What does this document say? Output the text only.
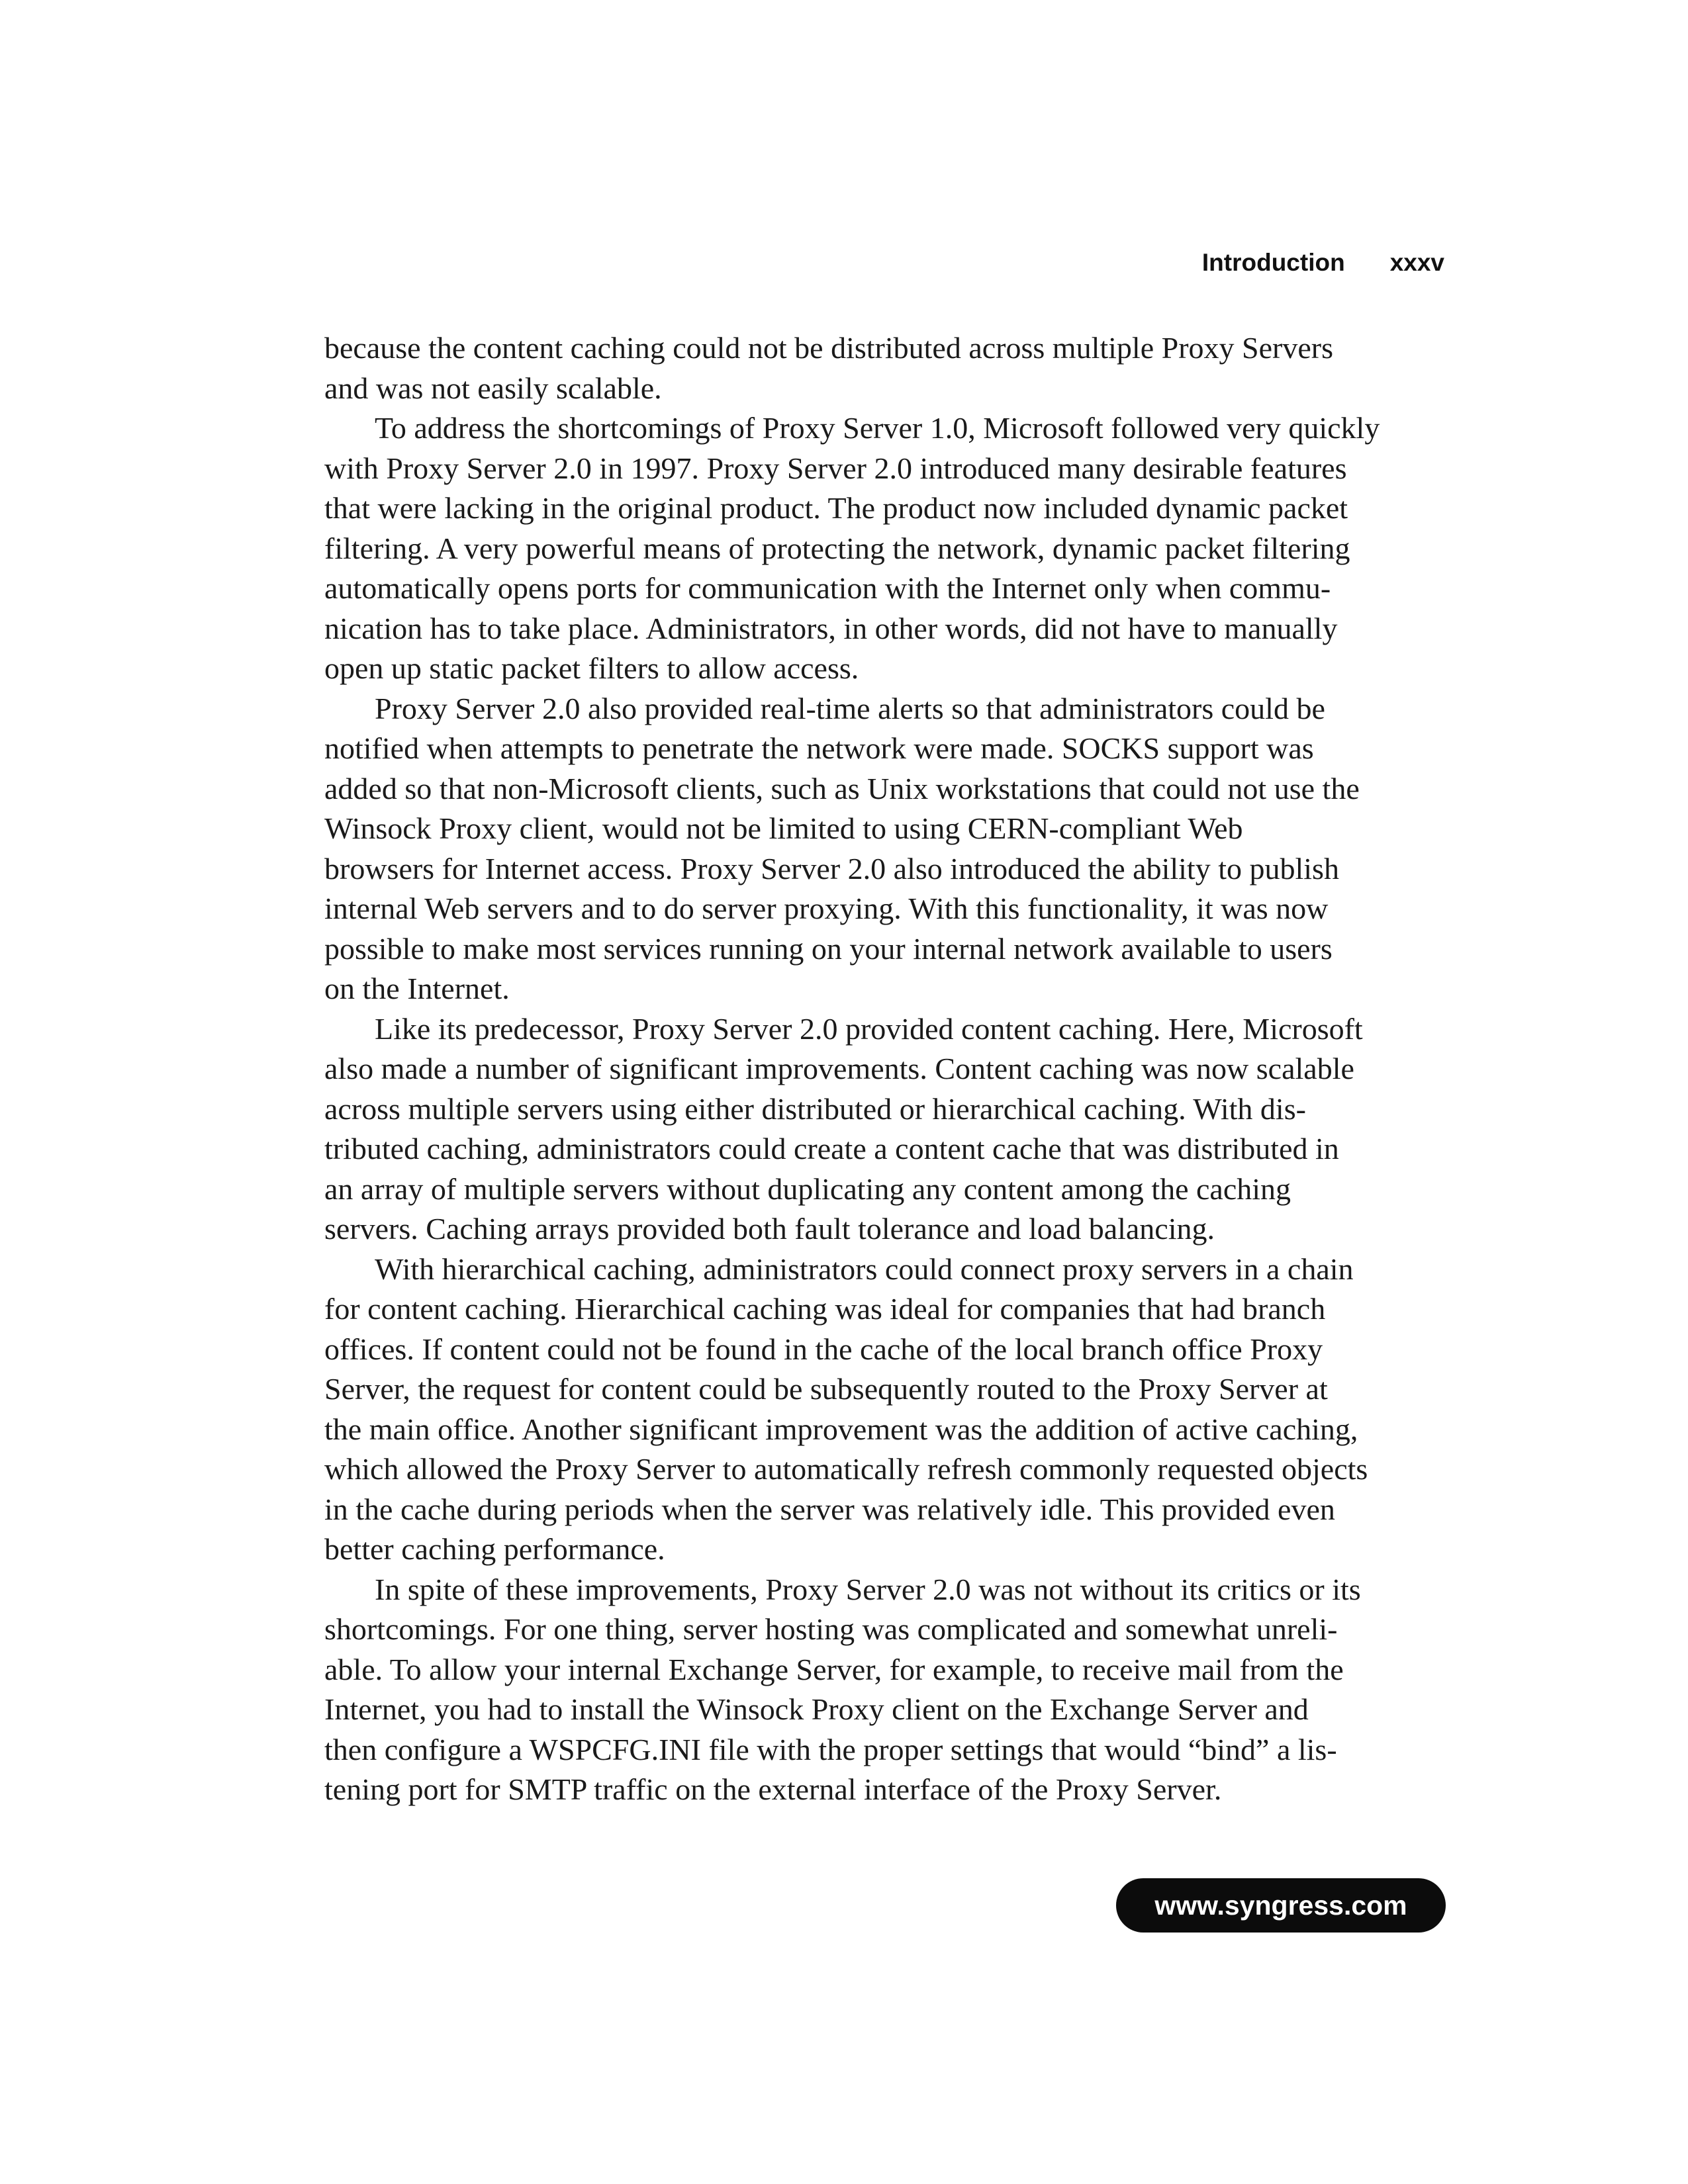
Introduction xxxv
because the content caching could not be distributed across multiple Proxy Servers
and was not easily scalable.
To address the shortcomings of Proxy Server 1.0, Microsoft followed very quickly
with Proxy Server 2.0 in 1997. Proxy Server 2.0 introduced many desirable features
that were lacking in the original product. The product now included dynamic packet
filtering. A very powerful means of protecting the network, dynamic packet filtering
automatically opens ports for communication with the Internet only when commu-
nication has to take place. Administrators, in other words, did not have to manually
open up static packet filters to allow access.
Proxy Server 2.0 also provided real-time alerts so that administrators could be
notified when attempts to penetrate the network were made. SOCKS support was
added so that non-Microsoft clients, such as Unix workstations that could not use the
Winsock Proxy client, would not be limited to using CERN-compliant Web
browsers for Internet access. Proxy Server 2.0 also introduced the ability to publish
internal Web servers and to do server proxying. With this functionality, it was now
possible to make most services running on your internal network available to users
on the Internet.
Like its predecessor, Proxy Server 2.0 provided content caching. Here, Microsoft
also made a number of significant improvements. Content caching was now scalable
across multiple servers using either distributed or hierarchical caching. With dis-
tributed caching, administrators could create a content cache that was distributed in
an array of multiple servers without duplicating any content among the caching
servers. Caching arrays provided both fault tolerance and load balancing.
With hierarchical caching, administrators could connect proxy servers in a chain
for content caching. Hierarchical caching was ideal for companies that had branch
offices. If content could not be found in the cache of the local branch office Proxy
Server, the request for content could be subsequently routed to the Proxy Server at
the main office. Another significant improvement was the addition of active caching,
which allowed the Proxy Server to automatically refresh commonly requested objects
in the cache during periods when the server was relatively idle. This provided even
better caching performance.
In spite of these improvements, Proxy Server 2.0 was not without its critics or its
shortcomings. For one thing, server hosting was complicated and somewhat unreli-
able. To allow your internal Exchange Server, for example, to receive mail from the
Internet, you had to install the Winsock Proxy client on the Exchange Server and
then configure a WSPCFG.INI file with the proper settings that would “bind” a lis-
tening port for SMTP traffic on the external interface of the Proxy Server.
www.syngress.com
